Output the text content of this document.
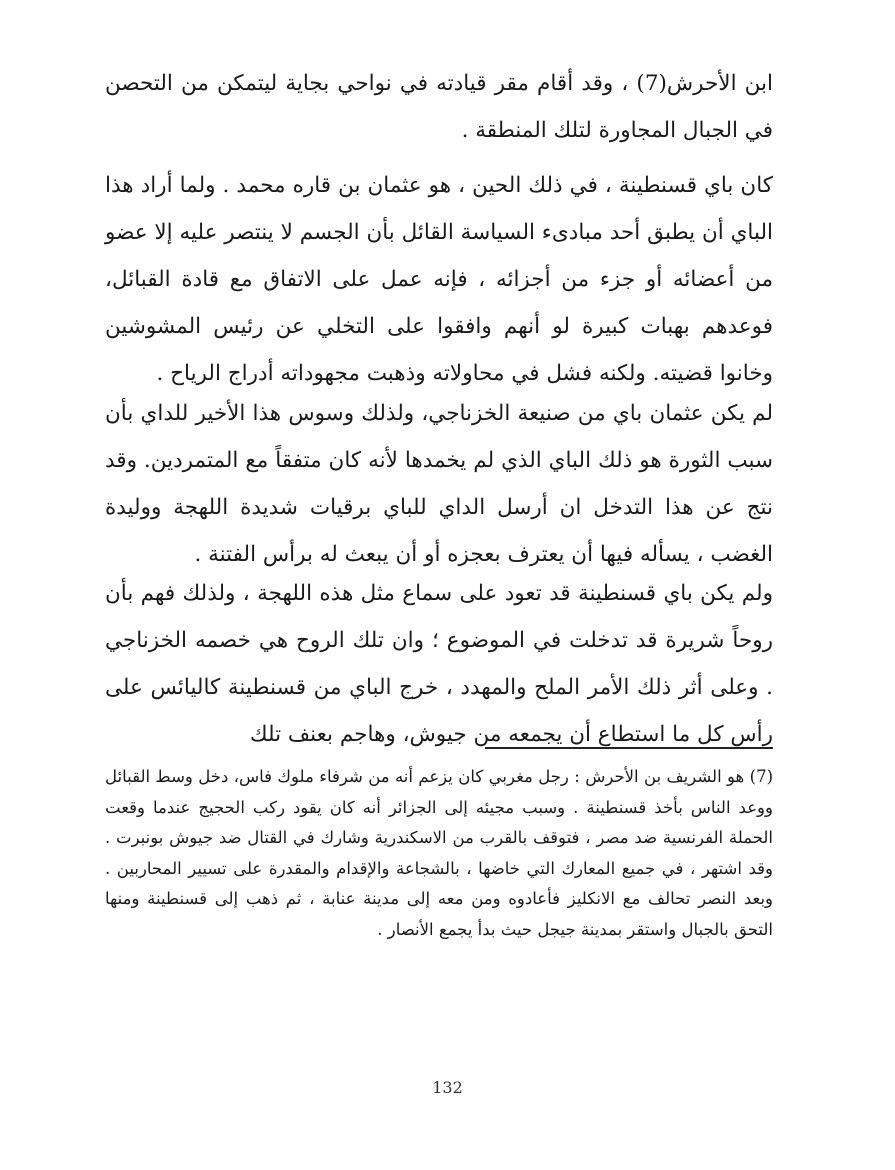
ابن الأحرش(7) ، وقد أقام مقر قيادته في نواحي بجاية ليتمكن من التحصن في الجبال المجاورة لتلك المنطقة .

كان باي قسنطينة ، في ذلك الحين ، هو عثمان بن قاره محمد . ولما أراد هذا الباي أن يطبق أحد مبادىء السياسة القائل بأن الجسم لا ينتصر عليه إلا عضو من أعضائه أو جزء من أجزائه ، فإنه عمل على الاتفاق مع قادة القبائل، فوعدهم بهبات كبيرة لو أنهم وافقوا على التخلي عن رئيس المشوشين وخانوا قضيته. ولكنه فشل في محاولاته وذهبت مجهوداته أدراج الرياح .

لم يكن عثمان باي من صنيعة الخزناجي، ولذلك وسوس هذا الأخير للداي بأن سبب الثورة هو ذلك الباي الذي لم يخمدها لأنه كان متفقاً مع المتمردين. وقد نتج عن هذا التدخل ان أرسل الداي للباي برقيات شديدة اللهجة ووليدة الغضب ، يسأله فيها أن يعترف بعجزه أو أن يبعث له برأس الفتنة .

ولم يكن باي قسنطينة قد تعود على سماع مثل هذه اللهجة ، ولذلك فهم بأن روحاً شريرة قد تدخلت في الموضوع ؛ وان تلك الروح هي خصمه الخزناجي . وعلى أثر ذلك الأمر الملح والمهدد ، خرج الباي من قسنطينة كاليائس على رأس كل ما استطاع أن يجمعه من جيوش، وهاجم بعنف تلك

(7) هو الشريف بن الأحرش : رجل مغربي كان يزعم أنه من شرفاء ملوك فاس، دخل وسط القبائل ووعد الناس بأخذ قسنطينة . وسبب مجيئه إلى الجزائر أنه كان يقود ركب الحجيج عندما وقعت الحملة الفرنسية ضد مصر ، فتوقف بالقرب من الاسكندرية وشارك في القتال ضد جيوش بونبرت . وقد اشتهر ، في جميع المعارك التي خاضها ، بالشجاعة والإقدام والمقدرة على تسيير المحاربين . وبعد النصر تحالف مع الانكليز فأعادوه ومن معه إلى مدينة عنابة ، ثم ذهب إلى قسنطينة ومنها التحق بالجبال واستقر بمدينة جيجل حيث بدأ يجمع الأنصار .

132
